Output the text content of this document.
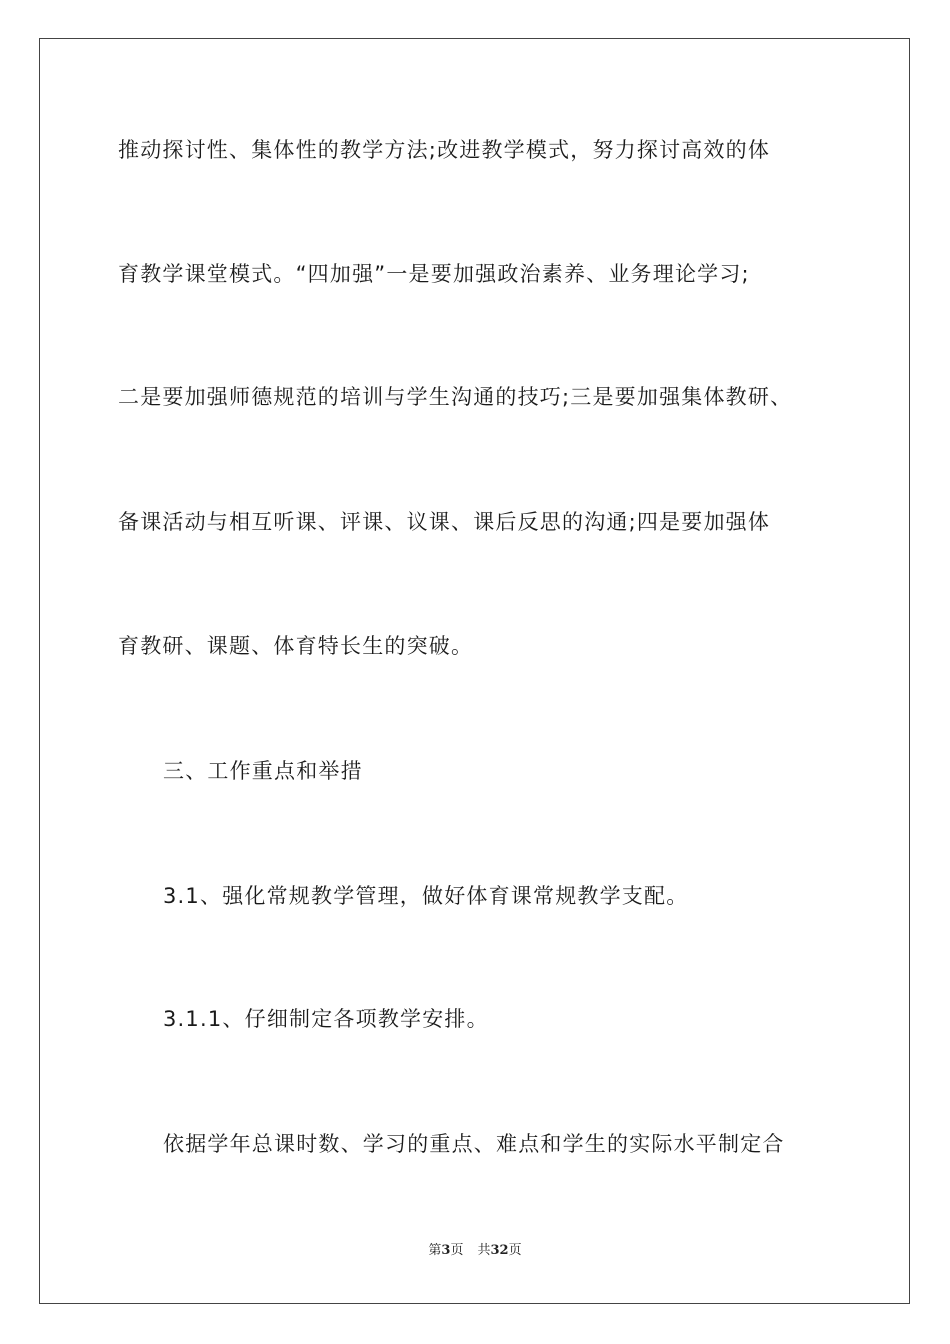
推动探讨性、集体性的教学方法;改进教学模式，努力探讨高效的体
育教学课堂模式。“四加强”一是要加强政治素养、业务理论学习;
二是要加强师德规范的培训与学生沟通的技巧;三是要加强集体教研、
备课活动与相互听课、评课、议课、课后反思的沟通;四是要加强体
育教研、课题、体育特长生的突破。
三、工作重点和举措
3.1、强化常规教学管理，做好体育课常规教学支配。
3.1.1、仔细制定各项教学安排。
依据学年总课时数、学习的重点、难点和学生的实际水平制定合
第3页 共32页
